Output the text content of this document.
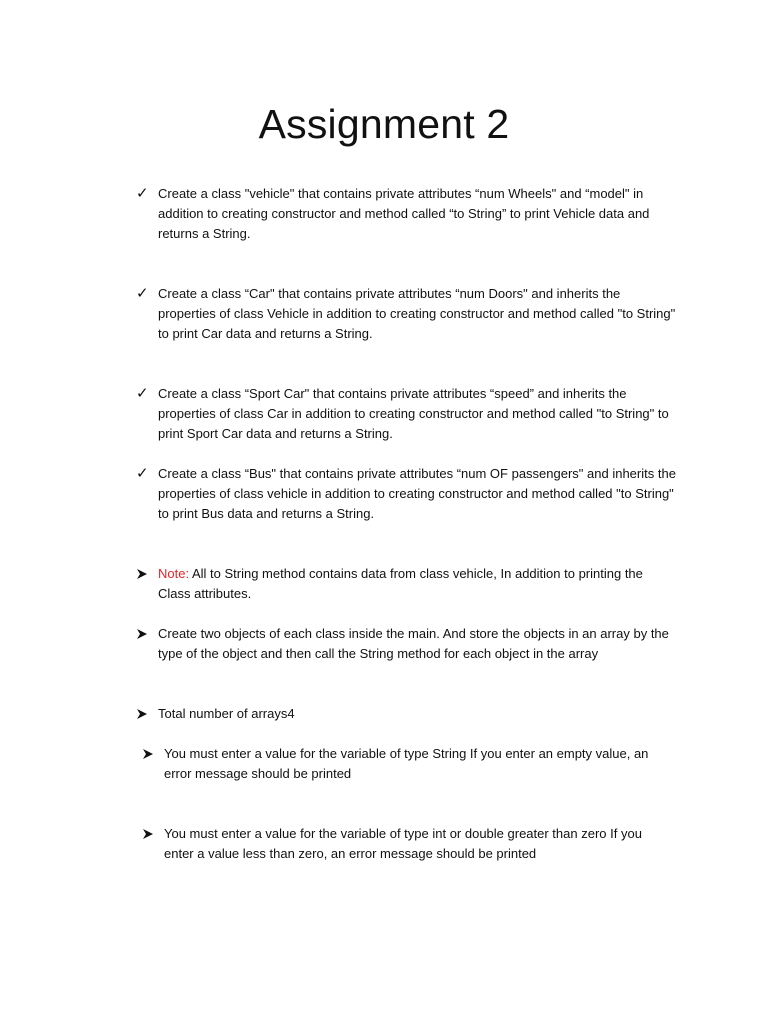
Assignment 2
✓ Create a class "vehicle" that contains private attributes “num Wheels" and “model" in addition to creating constructor and method called “to String” to print Vehicle data and returns a String.
✓ Create a class “Car" that contains private attributes “num Doors" and inherits the properties of class Vehicle in addition to creating constructor and method called "to String" to print Car data and returns a String.
✓ Create a class “Sport Car" that contains private attributes “speed” and inherits the properties of class Car in addition to creating constructor and method called "to String" to print Sport Car data and returns a String.
✓ Create a class “Bus" that contains private attributes “num OF passengers" and inherits the properties of class vehicle in addition to creating constructor and method called "to String" to print Bus data and returns a String.
Note: All to String method contains data from class vehicle, In addition to printing the Class attributes.
Create two objects of each class inside the main. And store the objects in an array by the type of the object and then call the String method for each object in the array
Total number of arrays4
You must enter a value for the variable of type String If you enter an empty value, an error message should be printed
You must enter a value for the variable of type int or double greater than zero If you enter a value less than zero, an error message should be printed
